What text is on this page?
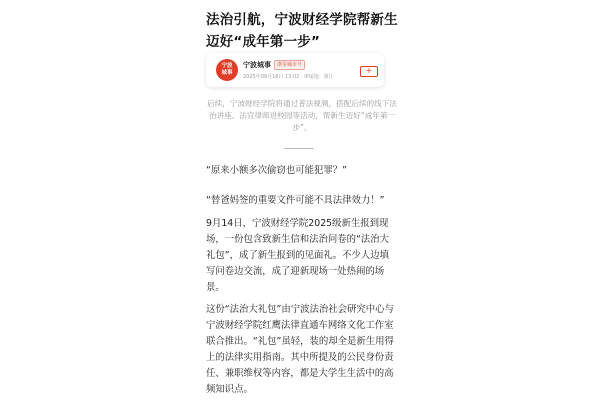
法治引航，宁波财经学院帮新生迈好“成年第一步”
宁波城事
宁波城事	浙里城市号
2025年09月16日 13:02 · IP属地：浙江
+
后续，宁波财经学院将通过普法视频，搭配后续的线下法治讲座、法官律师进校园等活动，帮新生迈好“成年第一步”。
“原来小额多次偷窃也可能犯罪？”
“替爸妈签的重要文件可能不具法律效力！”
9月14日，宁波财经学院2025级新生报到现场，一份包含致新生信和法治问卷的“法治大礼包”，成了新生报到的见面礼。不少人边填写问卷边交流，成了迎新现场一处热闹的场景。
这份“法治大礼包”由宁波法治社会研究中心与宁波财经学院红鹰法律直通车网络文化工作室联合推出。“礼包”虽轻，装的却全是新生用得上的法律实用指南。其中所提及的公民身份责任、兼职维权等内容，都是大学生生活中的高频知识点。
